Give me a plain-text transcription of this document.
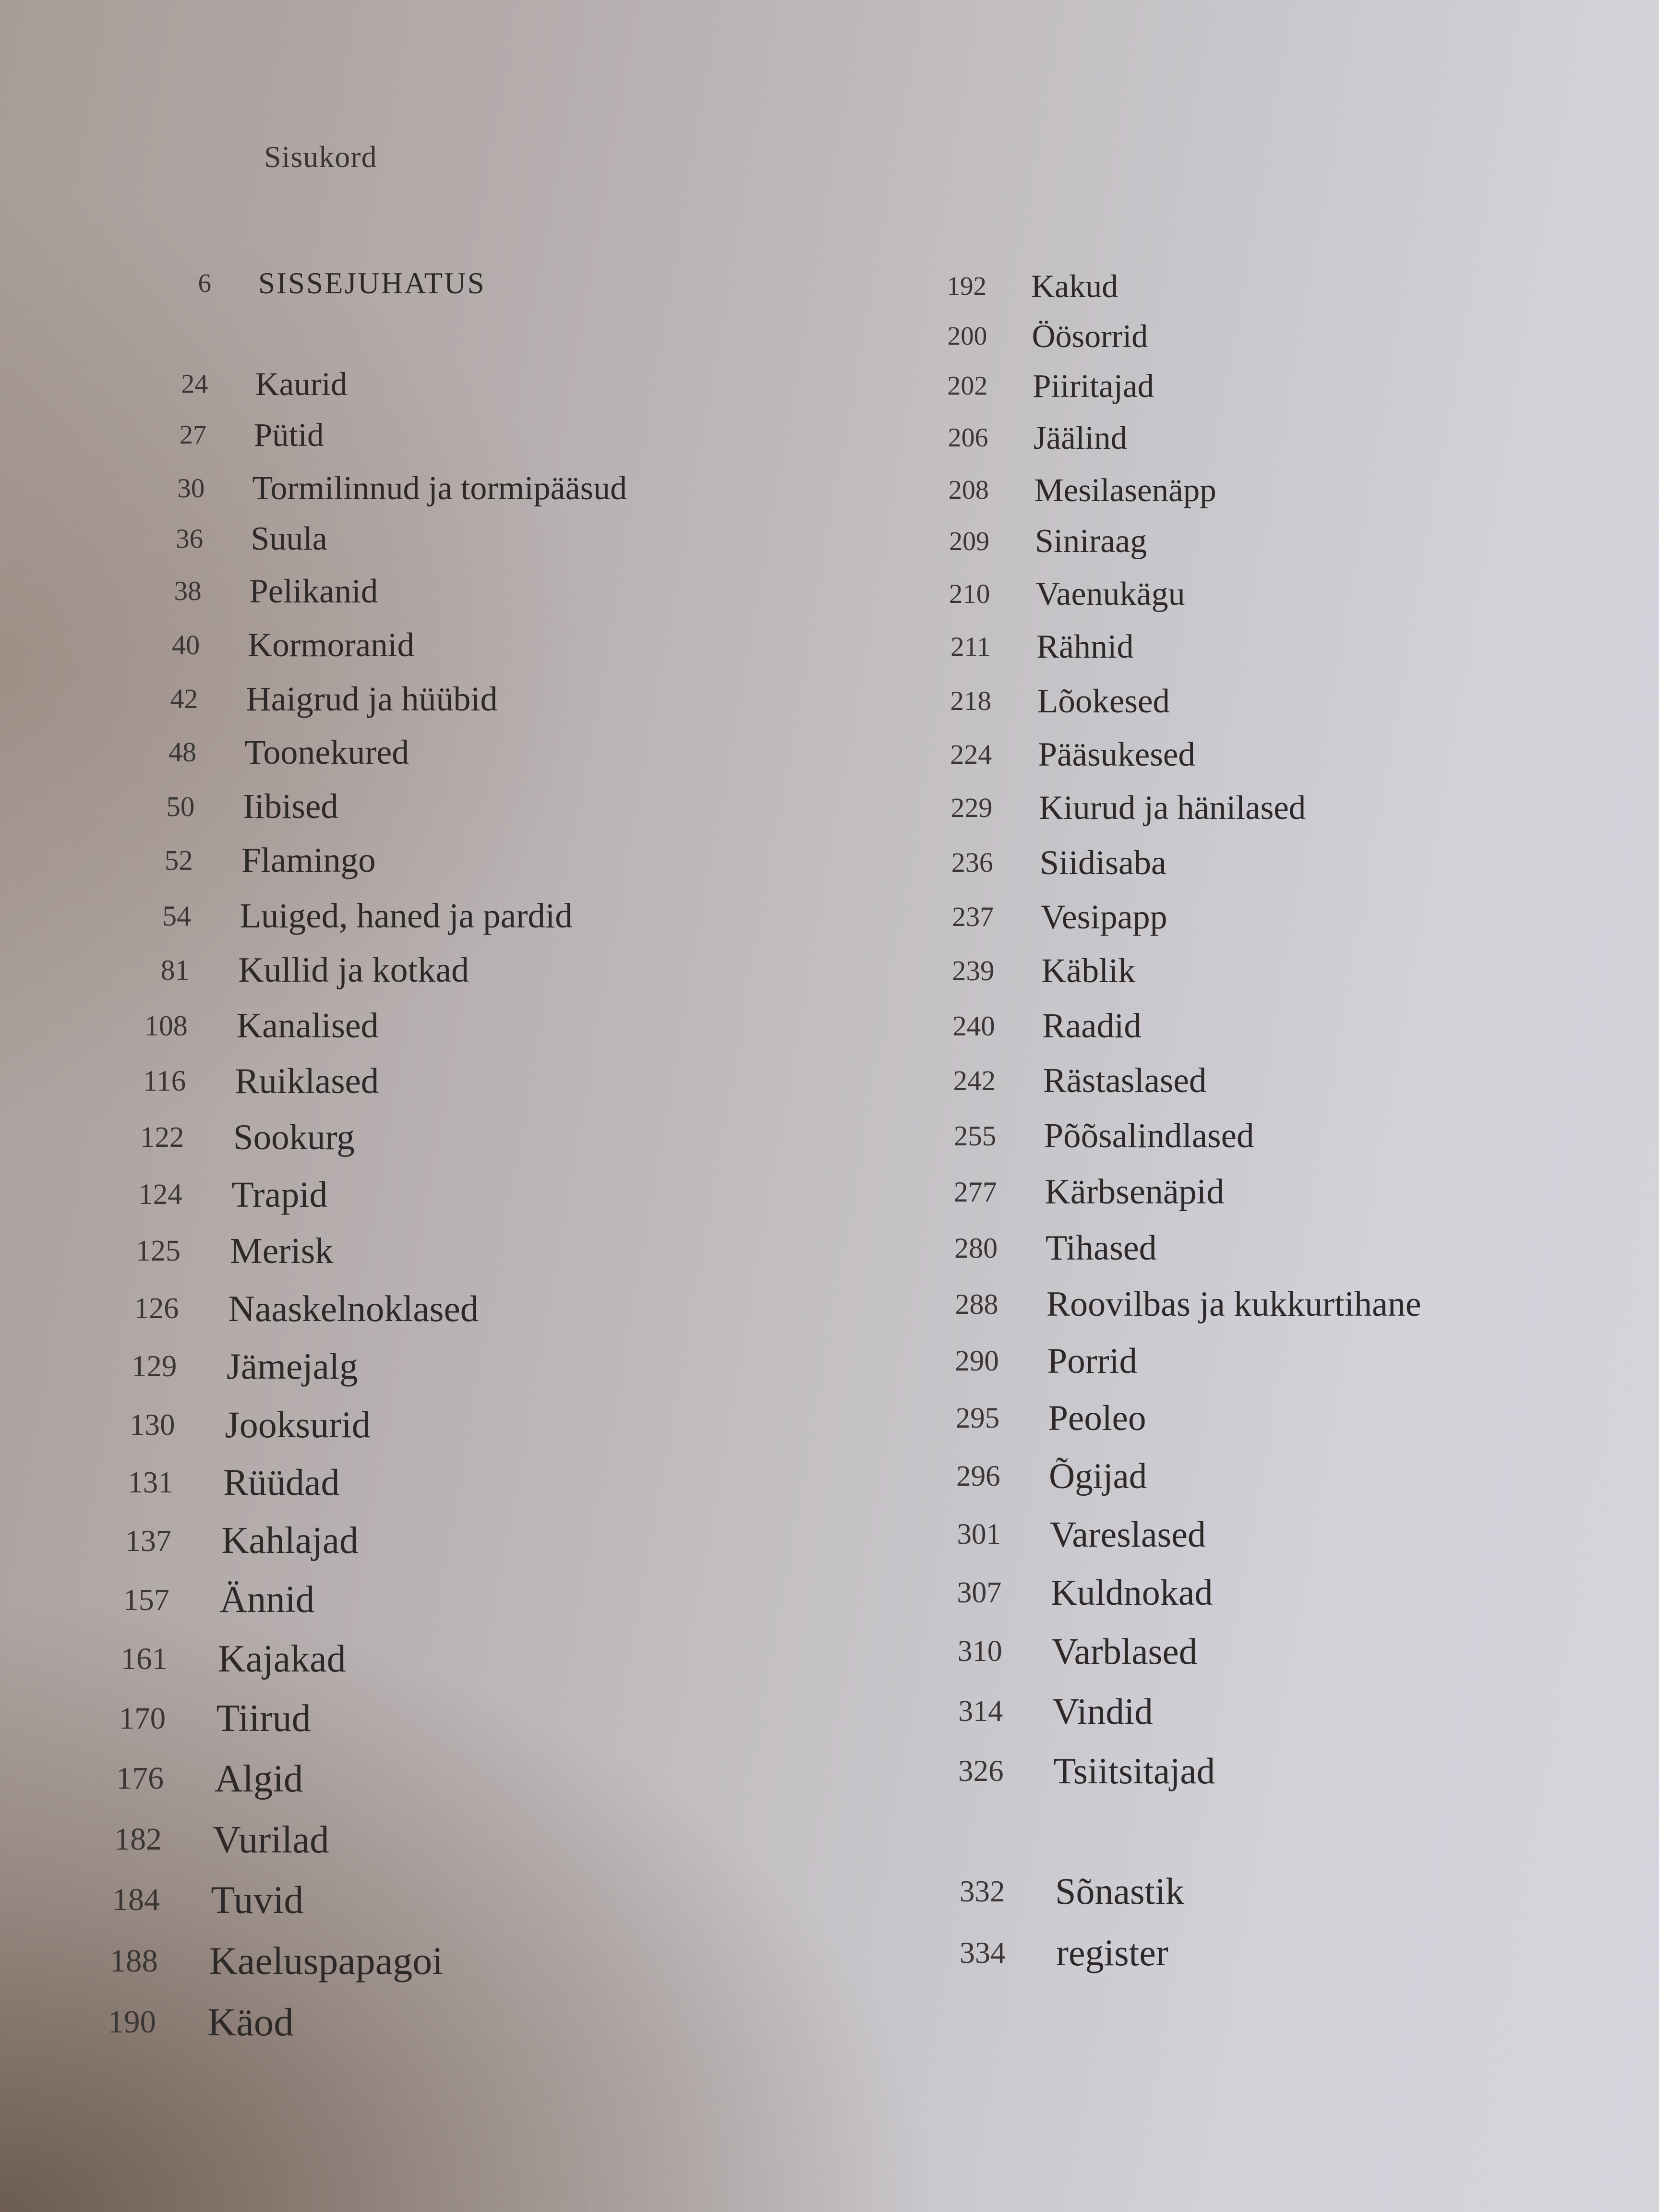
Sisukord
6 SISSEJUHATUS
24 Kaurid
27 Pütid
30 Tormilinnud ja tormipääsud
36 Suula
38 Pelikanid
40 Kormoranid
42 Haigrud ja hüübid
48 Toonekured
50 Iibised
52 Flamingo
54 Luiged, haned ja pardid
81 Kullid ja kotkad
108 Kanalised
116 Ruiklased
122 Sookurg
124 Trapid
125 Merisk
126 Naaskelnoklased
129 Jämejalg
130 Jooksurid
131 Rüüdad
137 Kahlajad
157 Ännid
161 Kajakad
170 Tiirud
176 Algid
182 Vurilad
184 Tuvid
188 Kaeluspapagoi
190 Käod
192 Kakud
200 Öösorrid
202 Piiritajad
206 Jäälind
208 Mesilasenäpp
209 Siniraag
210 Vaenukägu
211 Rähnid
218 Lõokesed
224 Pääsukesed
229 Kiurud ja hänilased
236 Siidisaba
237 Vesipapp
239 Käblik
240 Raadid
242 Rästaslased
255 Põõsalindlased
277 Kärbsenäpid
280 Tihased
288 Roovilbas ja kukkurtihane
290 Porrid
295 Peoleo
296 Õgijad
301 Vareslased
307 Kuldnokad
310 Varblased
314 Vindid
326 Tsiitsitajad
332 Sõnastik
334 register
